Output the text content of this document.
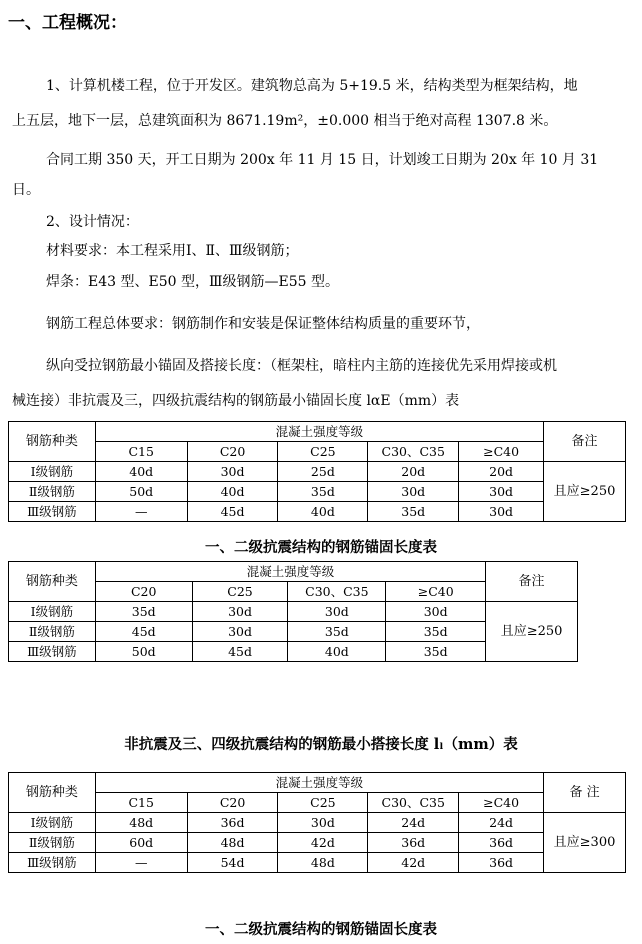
一、工程概况：
1、计算机楼工程，位于开发区。建筑物总高为 5+19.5 米，结构类型为框架结构，地
上五层，地下一层，总建筑面积为 8671.19m²，±0.000 相当于绝对高程 1307.8 米。
合同工期 350 天，开工日期为 200x 年 11 月 15 日，计划竣工日期为 20x 年 10 月 31
日。
2、设计情况：
材料要求：本工程采用Ⅰ、Ⅱ、Ⅲ级钢筋；
焊条：E43 型、E50 型，Ⅲ级钢筋—E55 型。
钢筋工程总体要求：钢筋制作和安装是保证整体结构质量的重要环节，
纵向受拉钢筋最小锚固及搭接长度：（框架柱，暗柱内主筋的连接优先采用焊接或机
械连接）非抗震及三，四级抗震结构的钢筋最小锚固长度 lαE（mm）表
钢筋种类	混凝土强度等级					备注
	C15	C20	C25	C30、C35	≥C40	
Ⅰ级钢筋	40d	30d	25d	20d	20d	且应≥250
Ⅱ级钢筋	50d	40d	35d	30d	30d	
Ⅲ级钢筋	—	45d	40d	35d	30d	
一、二级抗震结构的钢筋锚固长度表
钢筋种类	混凝土强度等级				备注
	C20	C25	C30、C35	≥C40	
Ⅰ级钢筋	35d	30d	30d	30d	且应≥250
Ⅱ级钢筋	45d	30d	35d	35d	
Ⅲ级钢筋	50d	45d	40d	35d	
非抗震及三、四级抗震结构的钢筋最小搭接长度 lₗ（mm）表
钢筋种类	混凝土强度等级					备 注
	C15	C20	C25	C30、C35	≥C40	
Ⅰ级钢筋	48d	36d	30d	24d	24d	且应≥300
Ⅱ级钢筋	60d	48d	42d	36d	36d	
Ⅲ级钢筋	—	54d	48d	42d	36d	
一、二级抗震结构的钢筋锚固长度表
